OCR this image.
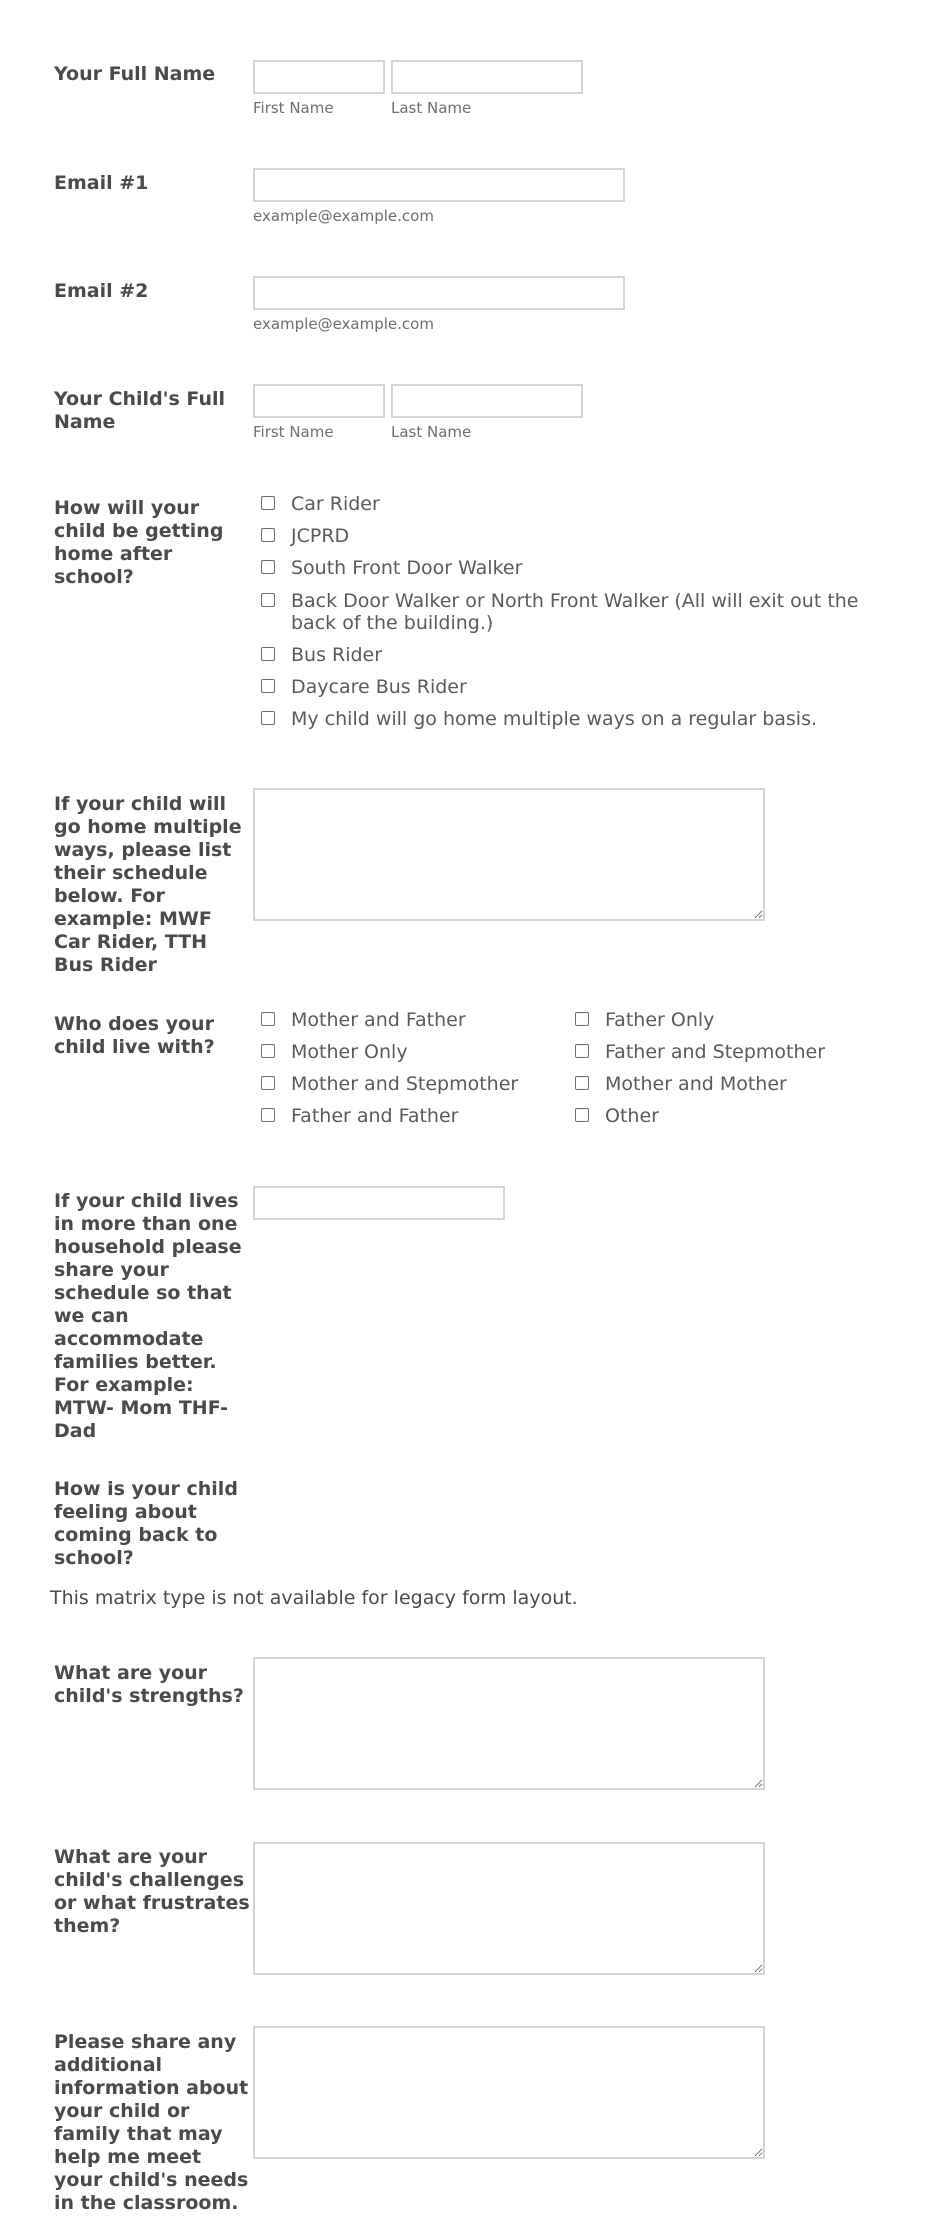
Your Full Name
First Name	Last Name
Email #1
example@example.com
Email #2
example@example.com
Your Child's Full Name	First Name	Last Name
How will your child be getting home after school?
Car Rider
JCPRD
South Front Door Walker
Back Door Walker or North Front Walker (All will exit out the back of the building.)
Bus Rider
Daycare Bus Rider
My child will go home multiple ways on a regular basis.
If your child will go home multiple ways, please list their schedule below. For example: MWF Car Rider, TTH Bus Rider
Who does your child live with?
Mother and Father	Father Only
Mother Only	Father and Stepmother
Mother and Stepmother	Mother and Mother
Father and Father	Other
If your child lives in more than one household please share your schedule so that we can accommodate families better. For example: MTW- Mom THF- Dad
How is your child feeling about coming back to school?
This matrix type is not available for legacy form layout.
What are your child's strengths?
What are your child's challenges or what frustrates them?
Please share any additional information about your child or family that may help me meet your child's needs in the classroom.
